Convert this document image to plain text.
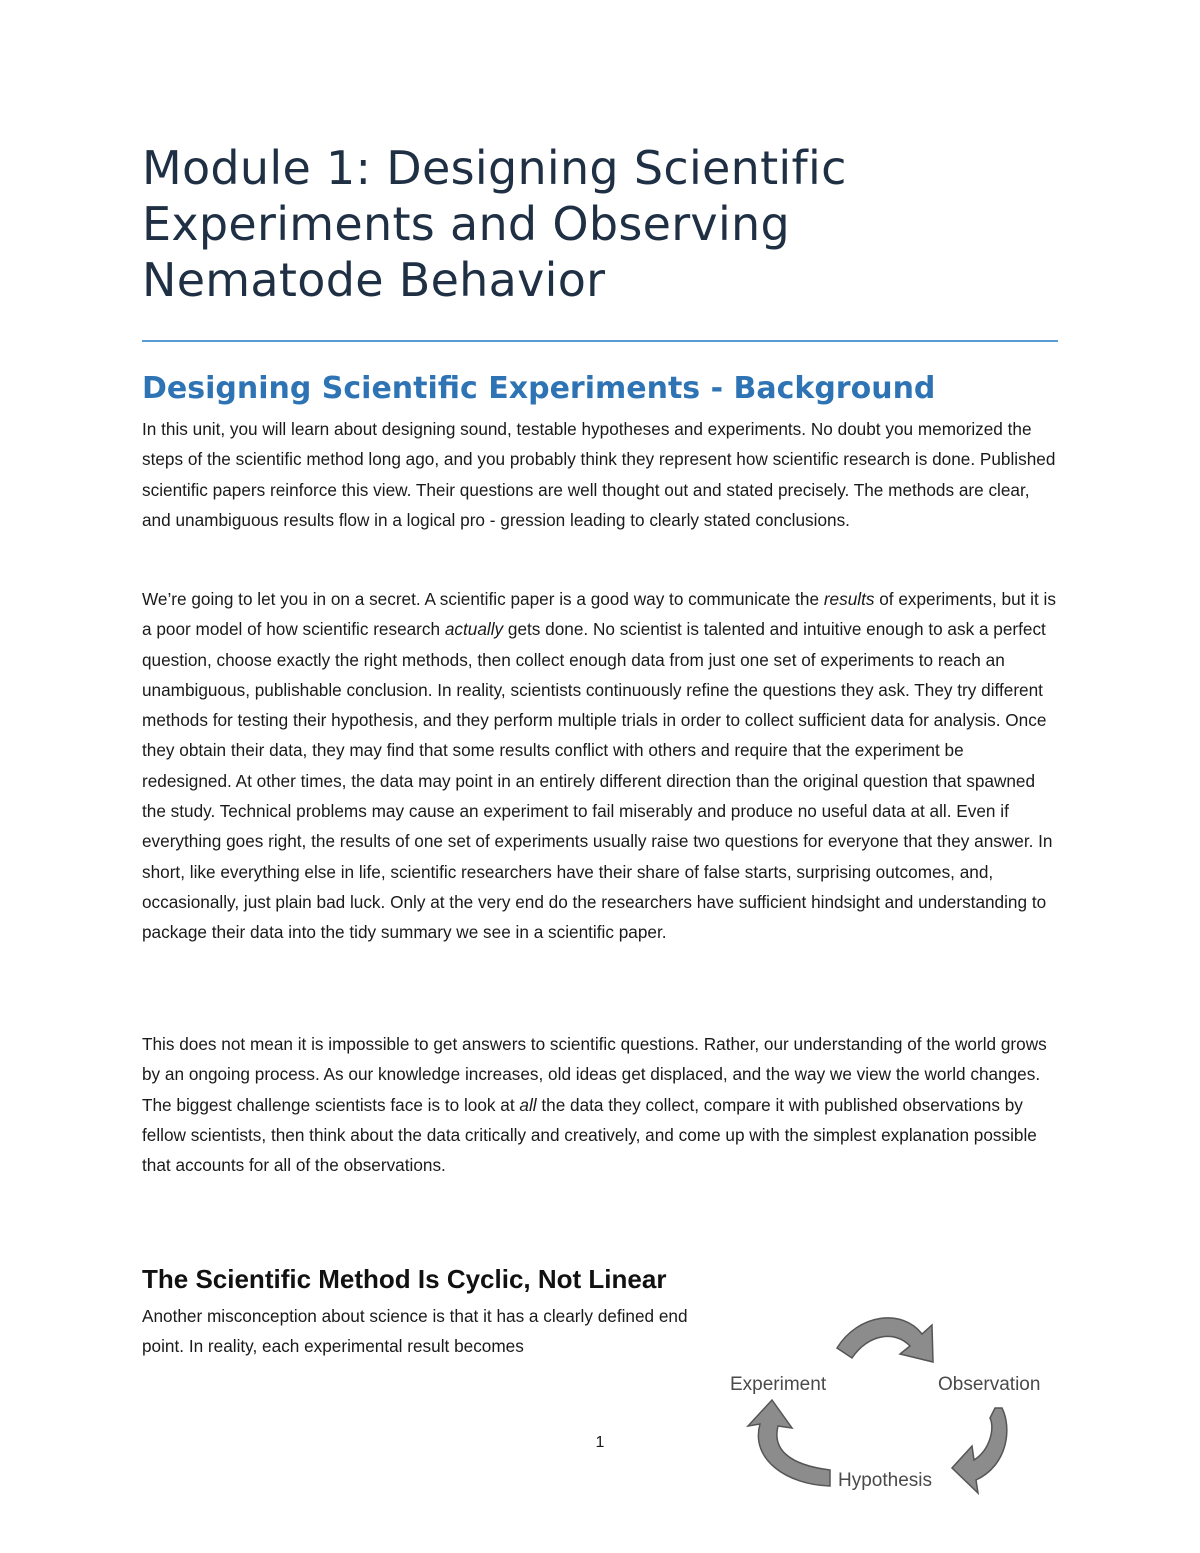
Module 1: Designing Scientific
Experiments and Observing
Nematode Behavior
Designing Scientific Experiments - Background

In this unit, you will learn about designing sound, testable hypotheses and experiments. No doubt you memorized the steps of the scientific method long ago, and you probably think they represent how scientific research is done. Published scientific papers reinforce this view. Their questions are well thought out and stated precisely. The methods are clear, and unambiguous results flow in a logical pro - gression leading to clearly stated conclusions.

We’re going to let you in on a secret. A scientific paper is a good way to communicate the results of experiments, but it is a poor model of how scientific research actually gets done. No scientist is talented and intuitive enough to ask a perfect question, choose exactly the right methods, then collect enough data from just one set of experiments to reach an unambiguous, publishable conclusion. In reality, scientists continuously refine the questions they ask. They try different methods for testing their hypothesis, and they perform multiple trials in order to collect sufficient data for analysis. Once they obtain their data, they may find that some results conflict with others and require that the experiment be redesigned. At other times, the data may point in an entirely different direction than the original question that spawned the study. Technical problems may cause an experiment to fail miserably and produce no useful data at all. Even if everything goes right, the results of one set of experiments usually raise two questions for everyone that they answer. In short, like everything else in life, scientific researchers have their share of false starts, surprising outcomes, and, occasionally, just plain bad luck. Only at the very end do the researchers have sufficient hindsight and understanding to package their data into the tidy summary we see in a scientific paper.

This does not mean it is impossible to get answers to scientific questions. Rather, our understanding of the world grows by an ongoing process. As our knowledge increases, old ideas get displaced, and the way we view the world changes. The biggest challenge scientists face is to look at all the data they collect, compare it with published observations by fellow scientists, then think about the data critically and creatively, and come up with the simplest explanation possible that accounts for all of the observations.

The Scientific Method Is Cyclic, Not Linear

Another misconception about science is that it has a clearly defined end point. In reality, each experimental result becomes

1
Experiment	Observation
Hypothesis
